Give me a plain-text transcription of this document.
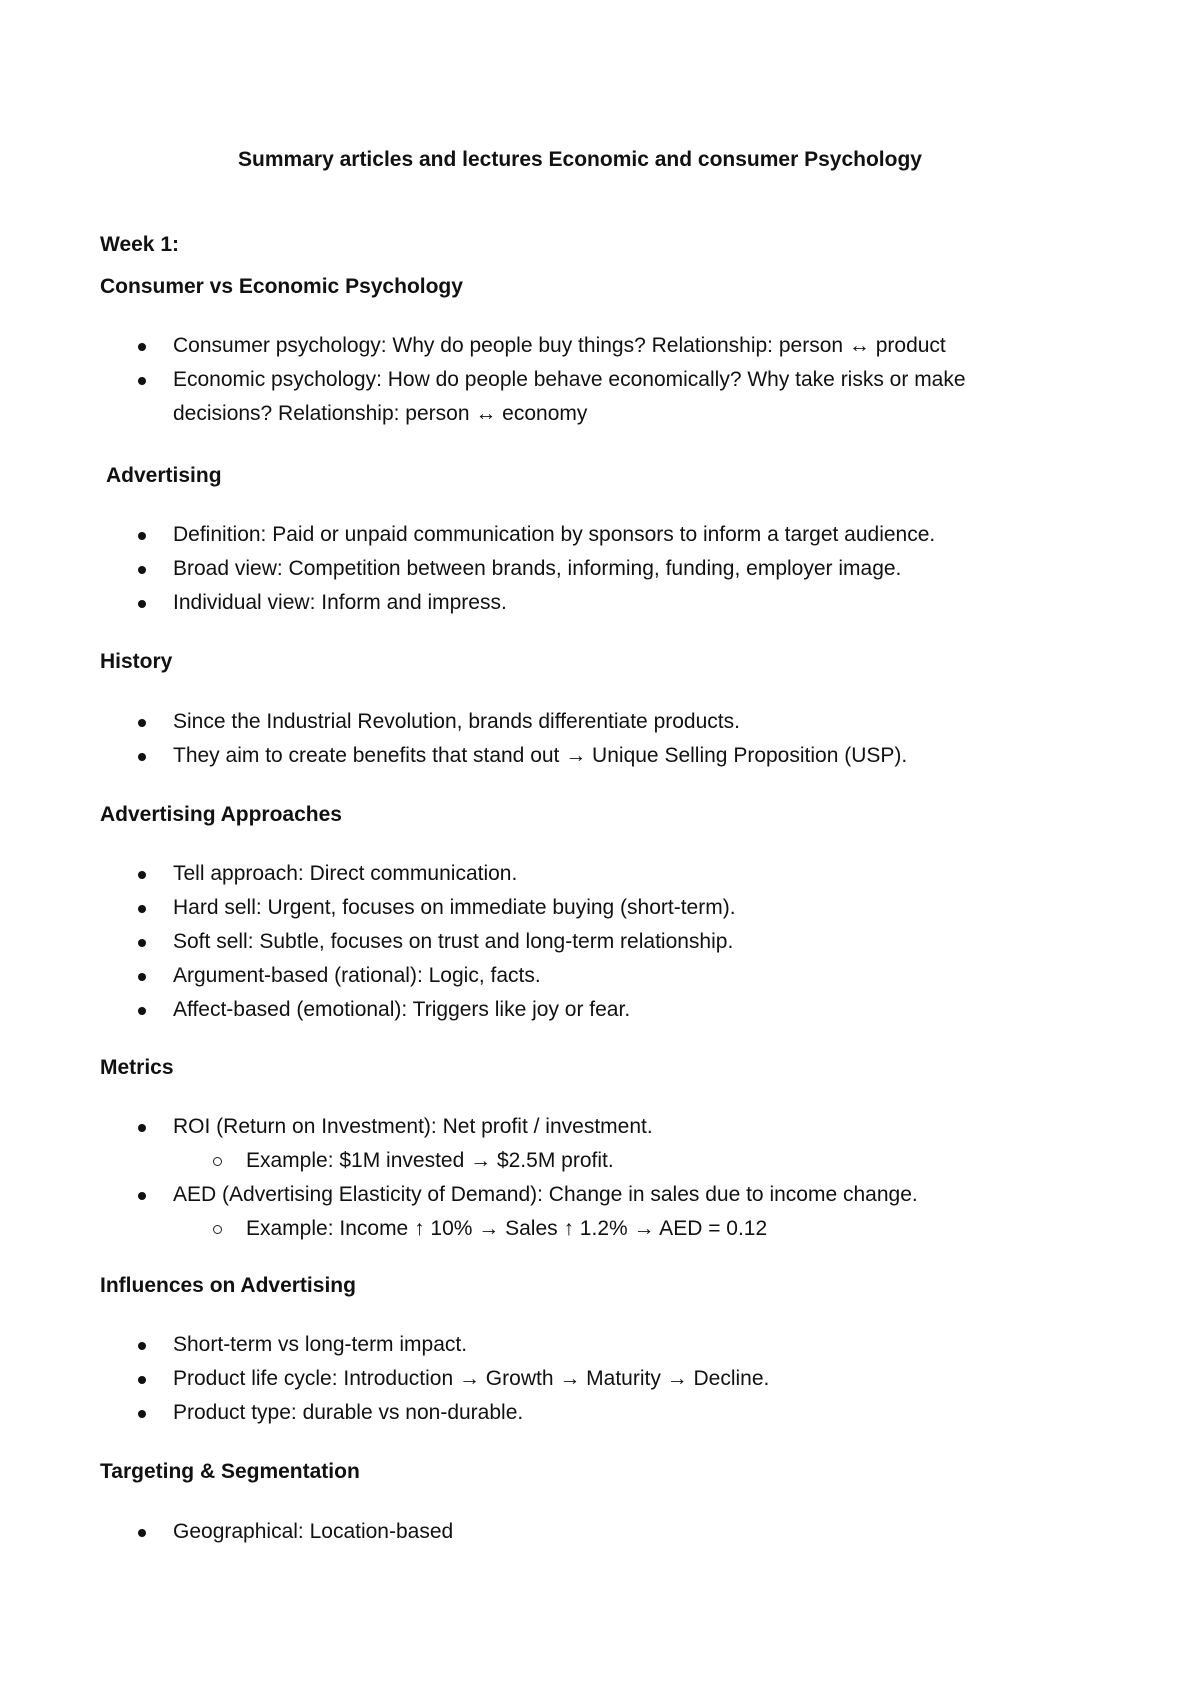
Summary articles and lectures Economic and consumer Psychology
Week 1:
Consumer vs Economic Psychology
Consumer psychology: Why do people buy things? Relationship: person ↔ product
Economic psychology: How do people behave economically? Why take risks or make decisions? Relationship: person ↔ economy
Advertising
Definition: Paid or unpaid communication by sponsors to inform a target audience.
Broad view: Competition between brands, informing, funding, employer image.
Individual view: Inform and impress.
History
Since the Industrial Revolution, brands differentiate products.
They aim to create benefits that stand out → Unique Selling Proposition (USP).
Advertising Approaches
Tell approach: Direct communication.
Hard sell: Urgent, focuses on immediate buying (short-term).
Soft sell: Subtle, focuses on trust and long-term relationship.
Argument-based (rational): Logic, facts.
Affect-based (emotional): Triggers like joy or fear.
Metrics
ROI (Return on Investment): Net profit / investment.
Example: $1M invested → $2.5M profit.
AED (Advertising Elasticity of Demand): Change in sales due to income change.
Example: Income ↑ 10% → Sales ↑ 1.2% → AED = 0.12
Influences on Advertising
Short-term vs long-term impact.
Product life cycle: Introduction → Growth → Maturity → Decline.
Product type: durable vs non-durable.
Targeting & Segmentation
Geographical: Location-based
